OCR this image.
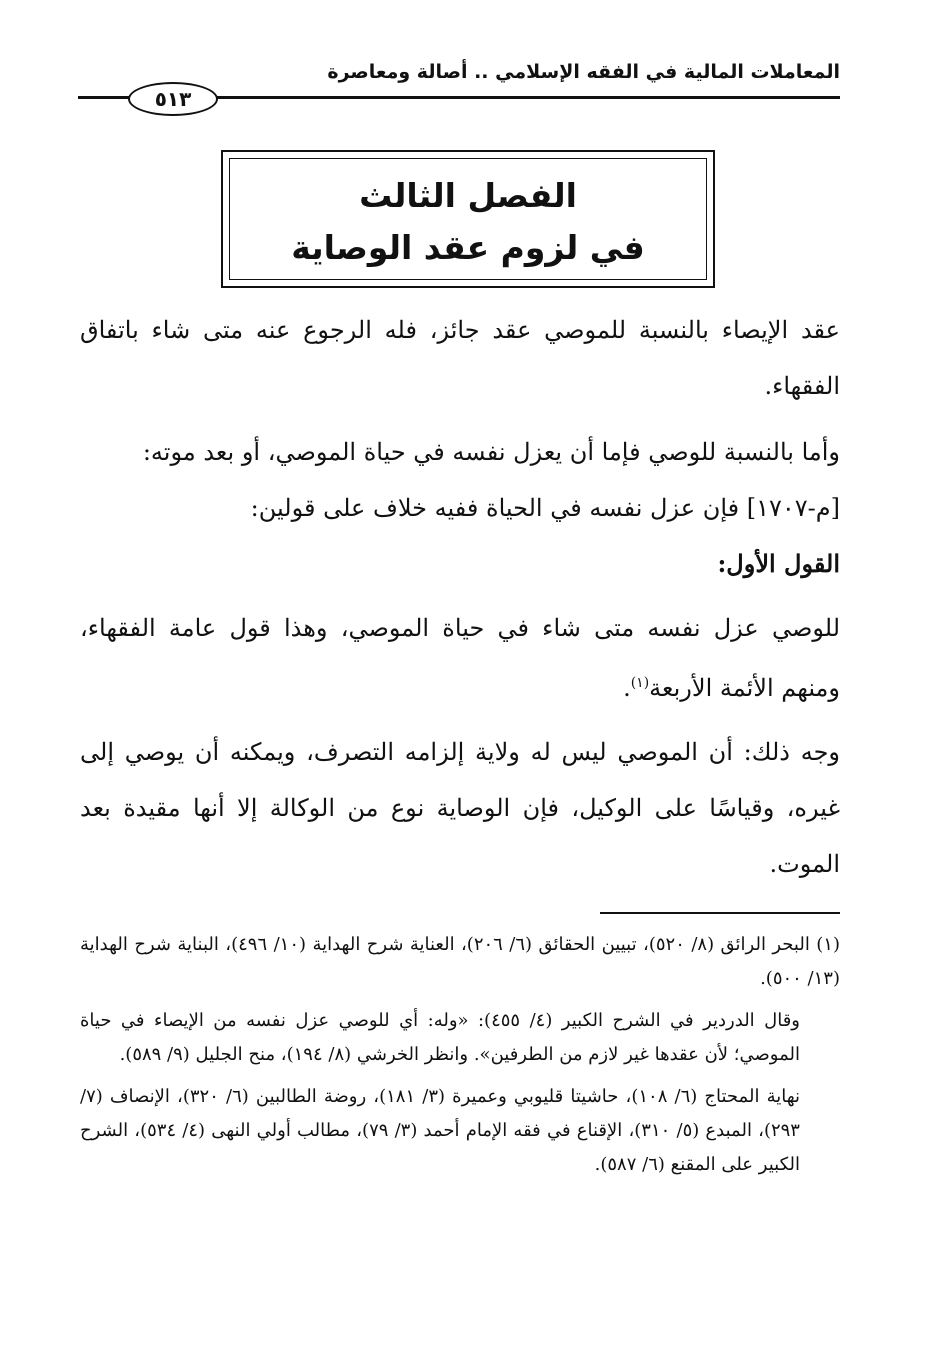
المعاملات المالية في الفقه الإسلامي .. أصالة ومعاصرة
٥١٣
الفصل الثالث
في لزوم عقد الوصاية

عقد الإيصاء بالنسبة للموصي عقد جائز، فله الرجوع عنه متى شاء باتفاق الفقهاء.

وأما بالنسبة للوصي فإما أن يعزل نفسه في حياة الموصي، أو بعد موته:

[م-١٧٠٧] فإن عزل نفسه في الحياة ففيه خلاف على قولين:

القول الأول:

للوصي عزل نفسه متى شاء في حياة الموصي، وهذا قول عامة الفقهاء، ومنهم الأئمة الأربعة$^{(١)}$.

وجه ذلك: أن الموصي ليس له ولاية إلزامه التصرف، ويمكنه أن يوصي إلى غيره، وقياسًا على الوكيل، فإن الوصاية نوع من الوكالة إلا أنها مقيدة بعد الموت.

(١) البحر الرائق (٨/ ٥٢٠)، تبيين الحقائق (٦/ ٢٠٦)، العناية شرح الهداية (١٠/ ٤٩٦)، البناية شرح الهداية (١٣/ ٥٠٠).

وقال الدردير في الشرح الكبير (٤/ ٤٥٥): «وله: أي للوصي عزل نفسه من الإيصاء في حياة الموصي؛ لأن عقدها غير لازم من الطرفين». وانظر الخرشي (٨/ ١٩٤)، منح الجليل (٩/ ٥٨٩).

نهاية المحتاج (٦/ ١٠٨)، حاشيتا قليوبي وعميرة (٣/ ١٨١)، روضة الطالبين (٦/ ٣٢٠)، الإنصاف (٧/ ٢٩٣)، المبدع (٥/ ٣١٠)، الإقناع في فقه الإمام أحمد (٣/ ٧٩)، مطالب أولي النهى (٤/ ٥٣٤)، الشرح الكبير على المقنع (٦/ ٥٨٧).
